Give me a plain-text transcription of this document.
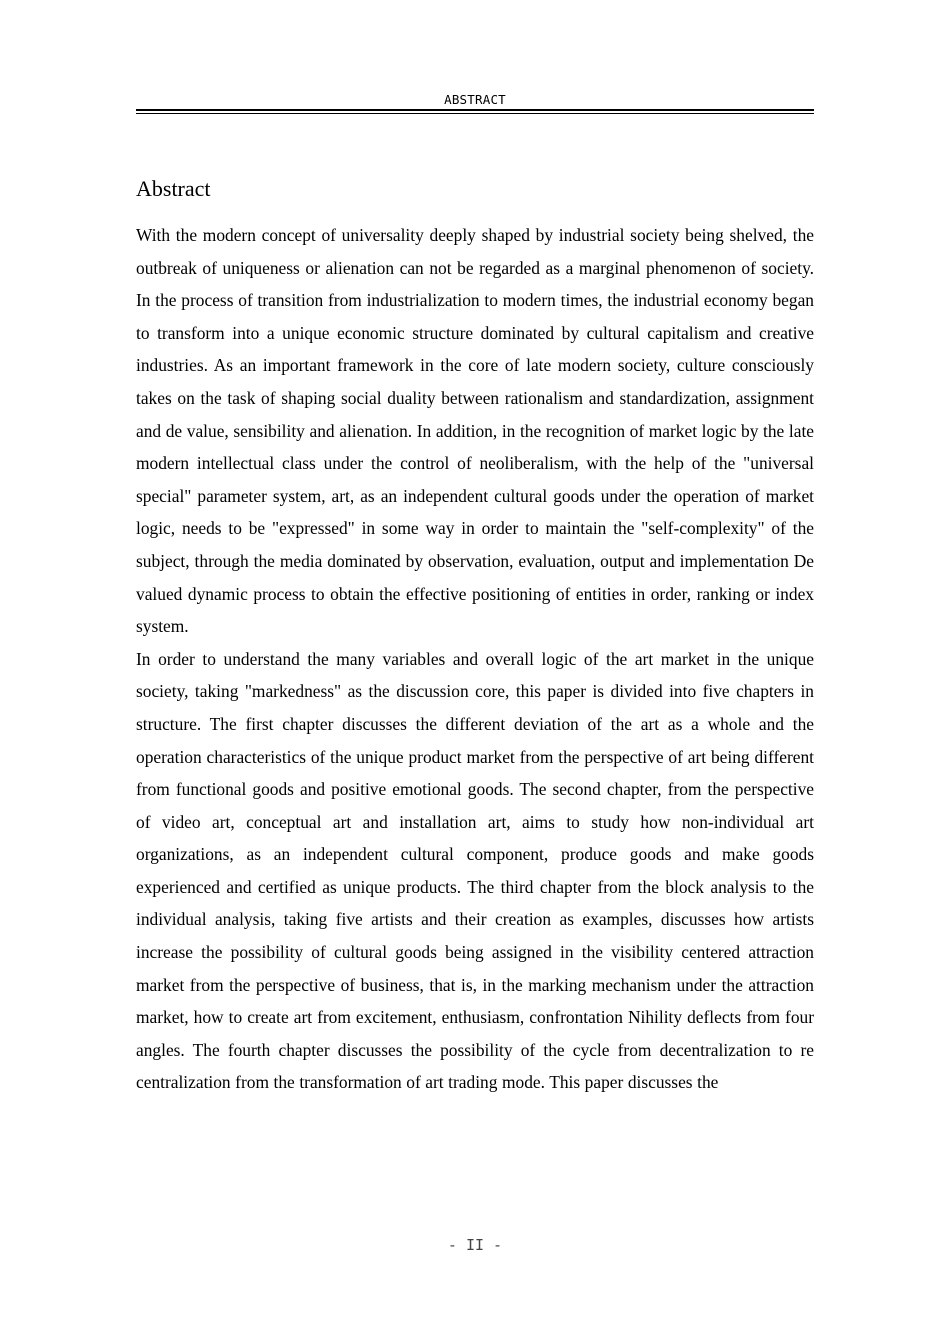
ABSTRACT
Abstract

With the modern concept of universality deeply shaped by industrial society being shelved, the outbreak of uniqueness or alienation can not be regarded as a marginal phenomenon of society. In the process of transition from industrialization to modern times, the industrial economy began to transform into a unique economic structure dominated by cultural capitalism and creative industries. As an important framework in the core of late modern society, culture consciously takes on the task of shaping social duality between rationalism and standardization, assignment and de value, sensibility and alienation. In addition, in the recognition of market logic by the late modern intellectual class under the control of neoliberalism, with the help of the "universal special" parameter system, art, as an independent cultural goods under the operation of market logic, needs to be "expressed" in some way in order to maintain the "self-complexity" of the subject, through the media dominated by observation, evaluation, output and implementation De valued dynamic process to obtain the effective positioning of entities in order, ranking or index system.

In order to understand the many variables and overall logic of the art market in the unique society, taking "markedness" as the discussion core, this paper is divided into five chapters in structure. The first chapter discusses the different deviation of the art as a whole and the operation characteristics of the unique product market from the perspective of art being different from functional goods and positive emotional goods. The second chapter, from the perspective of video art, conceptual art and installation art, aims to study how non-individual art organizations, as an independent cultural component, produce goods and make goods experienced and certified as unique products. The third chapter from the block analysis to the individual analysis, taking five artists and their creation as examples, discusses how artists increase the possibility of cultural goods being assigned in the visibility centered attraction market from the perspective of business, that is, in the marking mechanism under the attraction market, how to create art from excitement, enthusiasm, confrontation Nihility deflects from four angles. The fourth chapter discusses the possibility of the cycle from decentralization to re centralization from the transformation of art trading mode. This paper discusses the

- II -
